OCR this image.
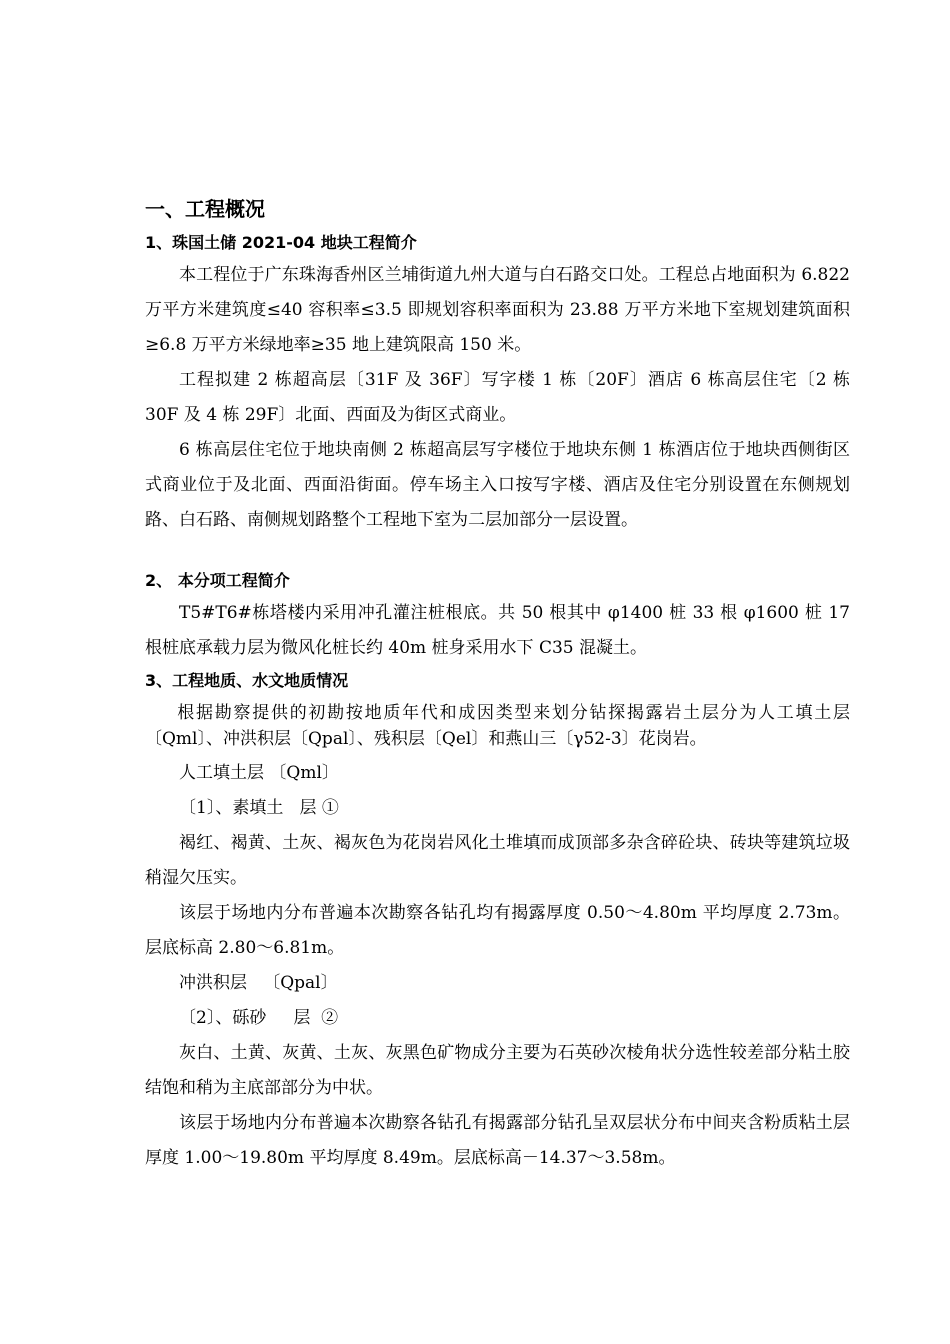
一、工程概况
1、珠国土储 2021-04 地块工程简介

本工程位于广东珠海香州区兰埔街道九州大道与白石路交口处。工程总占地面积为 6.822 万平方米建筑度≤40 容积率≤3.5 即规划容积率面积为 23.88 万平方米地下室规划建筑面积≥6.8 万平方米绿地率≥35 地上建筑限高 150 米。

工程拟建 2 栋超高层〔31F 及 36F〕写字楼 1 栋〔20F〕酒店 6 栋高层住宅〔2 栋 30F 及 4 栋 29F〕北面、西面及为街区式商业。

6 栋高层住宅位于地块南侧 2 栋超高层写字楼位于地块东侧 1 栋酒店位于地块西侧街区式商业位于及北面、西面沿街面。停车场主入口按写字楼、酒店及住宅分别设置在东侧规划路、白石路、南侧规划路整个工程地下室为二层加部分一层设置。

2、 本分项工程简介

T5#T6#栋塔楼内采用冲孔灌注桩根底。共 50 根其中 φ1400 桩 33 根 φ1600 桩 17 根桩底承载力层为微风化桩长约 40m 桩身采用水下 C35 混凝土。

3、工程地质、水文地质情况

根据勘察提供的初勘按地质年代和成因类型来划分钻探揭露岩土层分为人工填土层〔Qml〕、冲洪积层〔Qpal〕、残积层〔Qel〕和燕山三〔γ52-3〕花岗岩。

人工填土层 〔Qml〕

〔1〕、素填土   层 ①

褐红、褐黄、土灰、褐灰色为花岗岩风化土堆填而成顶部多杂含碎砼块、砖块等建筑垃圾稍湿欠压实。

该层于场地内分布普遍本次勘察各钻孔均有揭露厚度 0.50～4.80m 平均厚度 2.73m。层底标高 2.80～6.81m。

冲洪积层   〔Qpal〕

〔2〕、砾砂     层  ②

灰白、土黄、灰黄、土灰、灰黑色矿物成分主要为石英砂次棱角状分选性较差部分粘土胶结饱和稍为主底部部分为中状。

该层于场地内分布普遍本次勘察各钻孔有揭露部分钻孔呈双层状分布中间夹含粉质粘土层厚度 1.00～19.80m 平均厚度 8.49m。层底标高－14.37～3.58m。
